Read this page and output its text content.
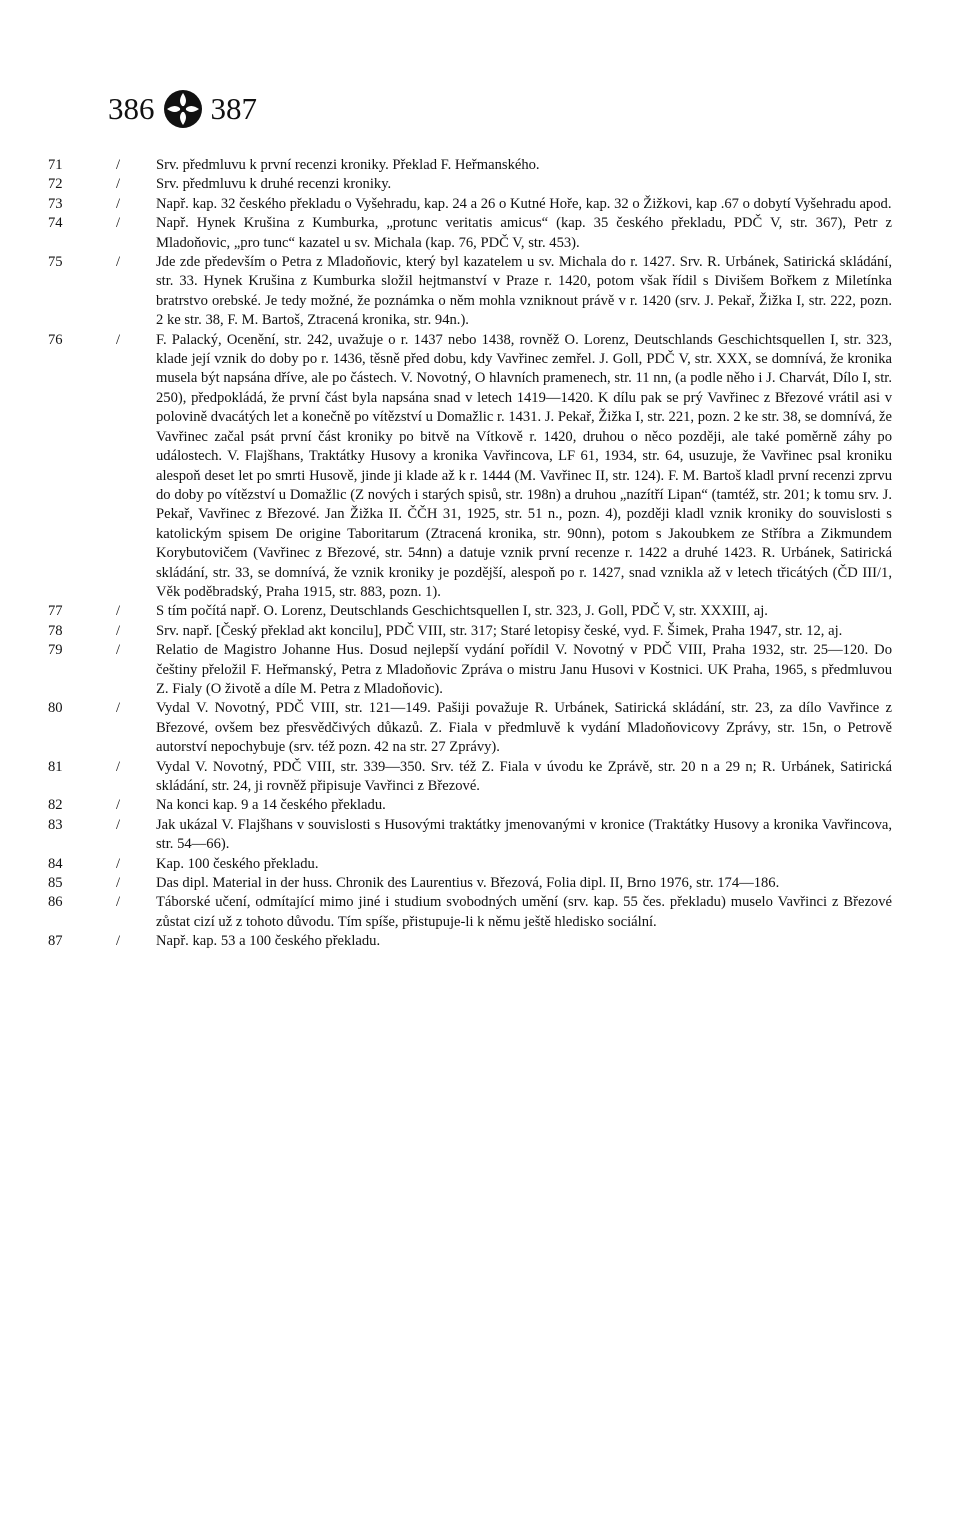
386 387
71	/	Srv. předmluvu k první recenzi kroniky. Překlad F. Heřmanského.
72	/	Srv. předmluvu k druhé recenzi kroniky.
73	/	Např. kap. 32 českého překladu o Vyšehradu, kap. 24 a 26 o Kutné Hoře, kap. 32 o Žižkovi, kap .67 o dobytí Vyšehradu apod.
74	/	Např. Hynek Krušina z Kumburka, „protunc veritatis amicus“ (kap. 35 českého překladu, PDČ V, str. 367), Petr z Mladoňovic, „pro tunc“ kazatel u sv. Michala (kap. 76, PDČ V, str. 453).
75	/	Jde zde především o Petra z Mladoňovic, který byl kazatelem u sv. Michala do r. 1427. Srv. R. Urbánek, Satirická skládání, str. 33. Hynek Krušina z Kumburka složil hejtmanství v Praze r. 1420, potom však řídil s Divišem Bořkem z Miletínka bratrstvo orebské. Je tedy možné, že poznámka o něm mohla vzniknout právě v r. 1420 (srv. J. Pekař, Žižka I, str. 222, pozn. 2 ke str. 38, F. M. Bartoš, Ztracená kronika, str. 94n.).
76	/	F. Palacký, Ocenění, str. 242, uvažuje o r. 1437 nebo 1438, rovněž O. Lorenz, Deutschlands Geschichtsquellen I, str. 323, klade její vznik do doby po r. 1436, těsně před dobu, kdy Vavřinec zemřel. J. Goll, PDČ V, str. XXX, se domnívá, že kronika musela být napsána dříve, ale po částech. V. Novotný, O hlavních pramenech, str. 11 nn, (a podle něho i J. Charvát, Dílo I, str. 250), předpokládá, že první část byla napsána snad v letech 1419—1420. K dílu pak se prý Vavřinec z Březové vrátil asi v polovině dvacátých let a konečně po vítězství u Domažlic r. 1431. J. Pekař, Žižka I, str. 221, pozn. 2 ke str. 38, se domnívá, že Vavřinec začal psát první část kroniky po bitvě na Vítkově r. 1420, druhou o něco později, ale také poměrně záhy po událostech. V. Flajšhans, Traktátky Husovy a kronika Vavřincova, LF 61, 1934, str. 64, usuzuje, že Vavřinec psal kroniku alespoň deset let po smrti Husově, jinde ji klade až k r. 1444 (M. Vavřinec II, str. 124). F. M. Bartoš kladl první recenzi zprvu do doby po vítězství u Domažlic (Z nových i starých spisů, str. 198n) a druhou „nazítří Lipan“ (tamtéž, str. 201; k tomu srv. J. Pekař, Vavřinec z Březové. Jan Žižka II. ČČH 31, 1925, str. 51 n., pozn. 4), později kladl vznik kroniky do souvislosti s katolickým spisem De origine Taboritarum (Ztracená kronika, str. 90nn), potom s Jakoubkem ze Stříbra a Zikmundem Korybutovičem (Vavřinec z Březové, str. 54nn) a datuje vznik první recenze r. 1422 a druhé 1423. R. Urbánek, Satirická skládání, str. 33, se domnívá, že vznik kroniky je pozdější, alespoň po r. 1427, snad vznikla až v letech třicátých (ČD III/1, Věk poděbradský, Praha 1915, str. 883, pozn. 1).
77	/	S tím počítá např. O. Lorenz, Deutschlands Geschichtsquellen I, str. 323, J. Goll, PDČ V, str. XXXIII, aj.
78	/	Srv. např. [Český překlad akt koncilu], PDČ VIII, str. 317; Staré letopisy české, vyd. F. Šimek, Praha 1947, str. 12, aj.
79	/	Relatio de Magistro Johanne Hus. Dosud nejlepší vydání pořídil V. Novotný v PDČ VIII, Praha 1932, str. 25—120. Do češtiny přeložil F. Heřmanský, Petra z Mladoňovic Zpráva o mistru Janu Husovi v Kostnici. UK Praha, 1965, s předmluvou Z. Fialy (O životě a díle M. Petra z Mladoňovic).
80	/	Vydal V. Novotný, PDČ VIII, str. 121—149. Pašiji považuje R. Urbánek, Satirická skládání, str. 23, za dílo Vavřince z Březové, ovšem bez přesvědčivých důkazů. Z. Fiala v předmluvě k vydání Mladoňovicovy Zprávy, str. 15n, o Petrově autorství nepochybuje (srv. též pozn. 42 na str. 27 Zprávy).
81	/	Vydal V. Novotný, PDČ VIII, str. 339—350. Srv. též Z. Fiala v úvodu ke Zprávě, str. 20 n a 29 n; R. Urbánek, Satirická skládání, str. 24, ji rovněž připisuje Vavřinci z Březové.
82	/	Na konci kap. 9 a 14 českého překladu.
83	/	Jak ukázal V. Flajšhans v souvislosti s Husovými traktátky jmenovanými v kronice (Traktátky Husovy a kronika Vavřincova, str. 54—66).
84	/	Kap. 100 českého překladu.
85	/	Das dipl. Material in der huss. Chronik des Laurentius v. Březová, Folia dipl. II, Brno 1976, str. 174—186.
86	/	Táborské učení, odmítající mimo jiné i studium svobodných umění (srv. kap. 55 čes. překladu) muselo Vavřinci z Březové zůstat cizí už z tohoto důvodu. Tím spíše, přistupuje-li k němu ještě hledisko sociální.
87	/	Např. kap. 53 a 100 českého překladu.
